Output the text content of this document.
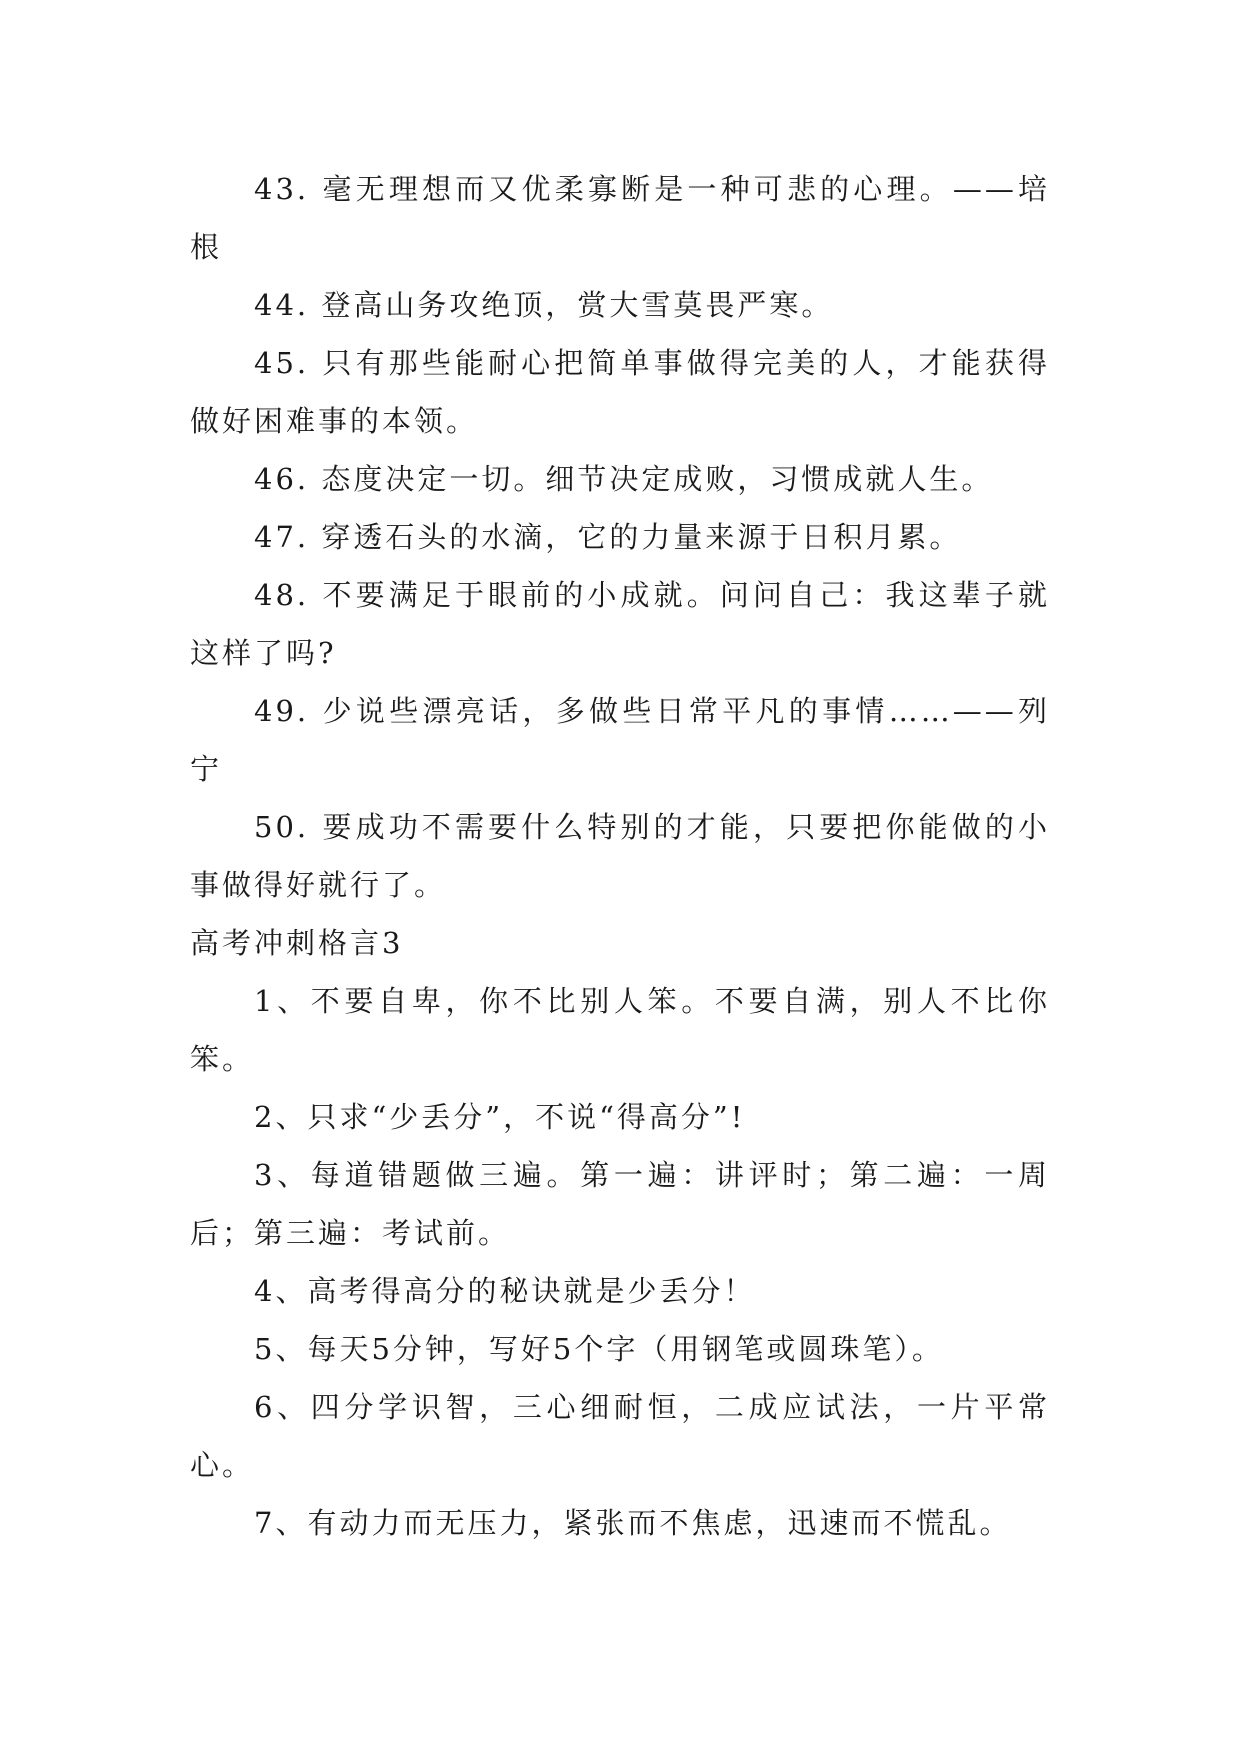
43. 毫无理想而又优柔寡断是一种可悲的心理。——培根

44. 登高山务攻绝顶，赏大雪莫畏严寒。

45. 只有那些能耐心把简单事做得完美的人，才能获得做好困难事的本领。

46. 态度决定一切。细节决定成败，习惯成就人生。

47. 穿透石头的水滴，它的力量来源于日积月累。

48. 不要满足于眼前的小成就。问问自己：我这辈子就这样了吗?

49. 少说些漂亮话，多做些日常平凡的事情……——列宁

50. 要成功不需要什么特别的才能，只要把你能做的小事做得好就行了。

高考冲刺格言3

1、不要自卑，你不比别人笨。不要自满，别人不比你笨。

2、只求“少丢分”，不说“得高分”!

3、每道错题做三遍。第一遍：讲评时；第二遍：一周后；第三遍：考试前。

4、高考得高分的秘诀就是少丢分！

5、每天5分钟，写好5个字（用钢笔或圆珠笔）。

6、四分学识智，三心细耐恒，二成应试法，一片平常心。

7、有动力而无压力，紧张而不焦虑，迅速而不慌乱。
